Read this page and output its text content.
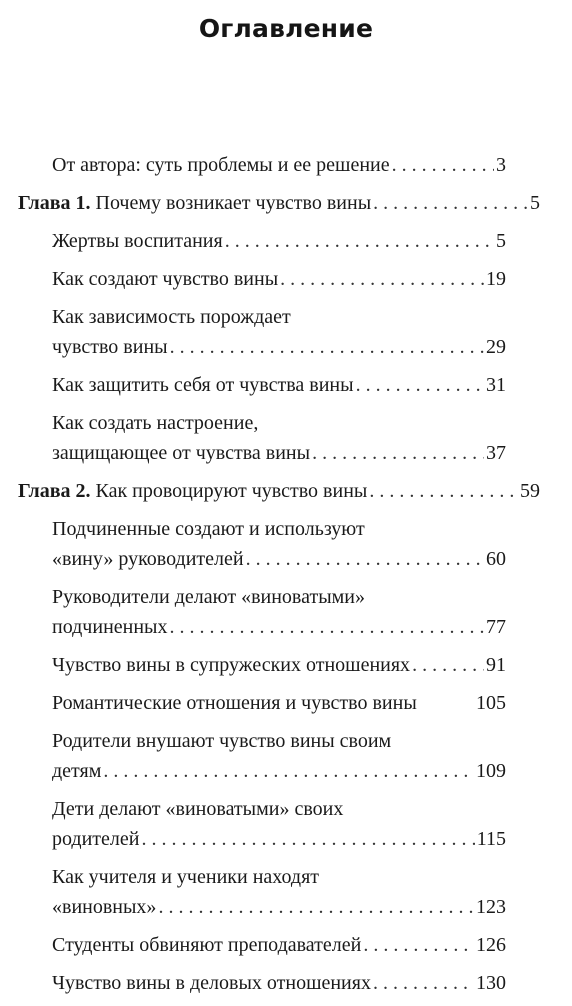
Оглавление
От автора: суть проблемы и ее решение . . .	3
Глава 1. Почему возникает чувство вины . . .	5
Жертвы воспитания . . .	5
Как создают чувство вины . . .	19
Как зависимость порождает
чувство вины . . .	29
Как защитить себя от чувства вины . . .	31
Как создать настроение,
защищающее от чувства вины . . .	37
Глава 2. Как провоцируют чувство вины . . .	59
Подчиненные создают и используют
«вину» руководителей . . .	60
Руководители делают «виноватыми»
подчиненных . . .	77
Чувство вины в супружеских отношениях . . .	91
Романтические отношения и чувство вины	105
Родители внушают чувство вины своим
детям . . .	109
Дети делают «виноватыми» своих
родителей . . .	115
Как учителя и ученики находят
«виновных» . . .	123
Студенты обвиняют преподавателей . . .	126
Чувство вины в деловых отношениях . . .	130
